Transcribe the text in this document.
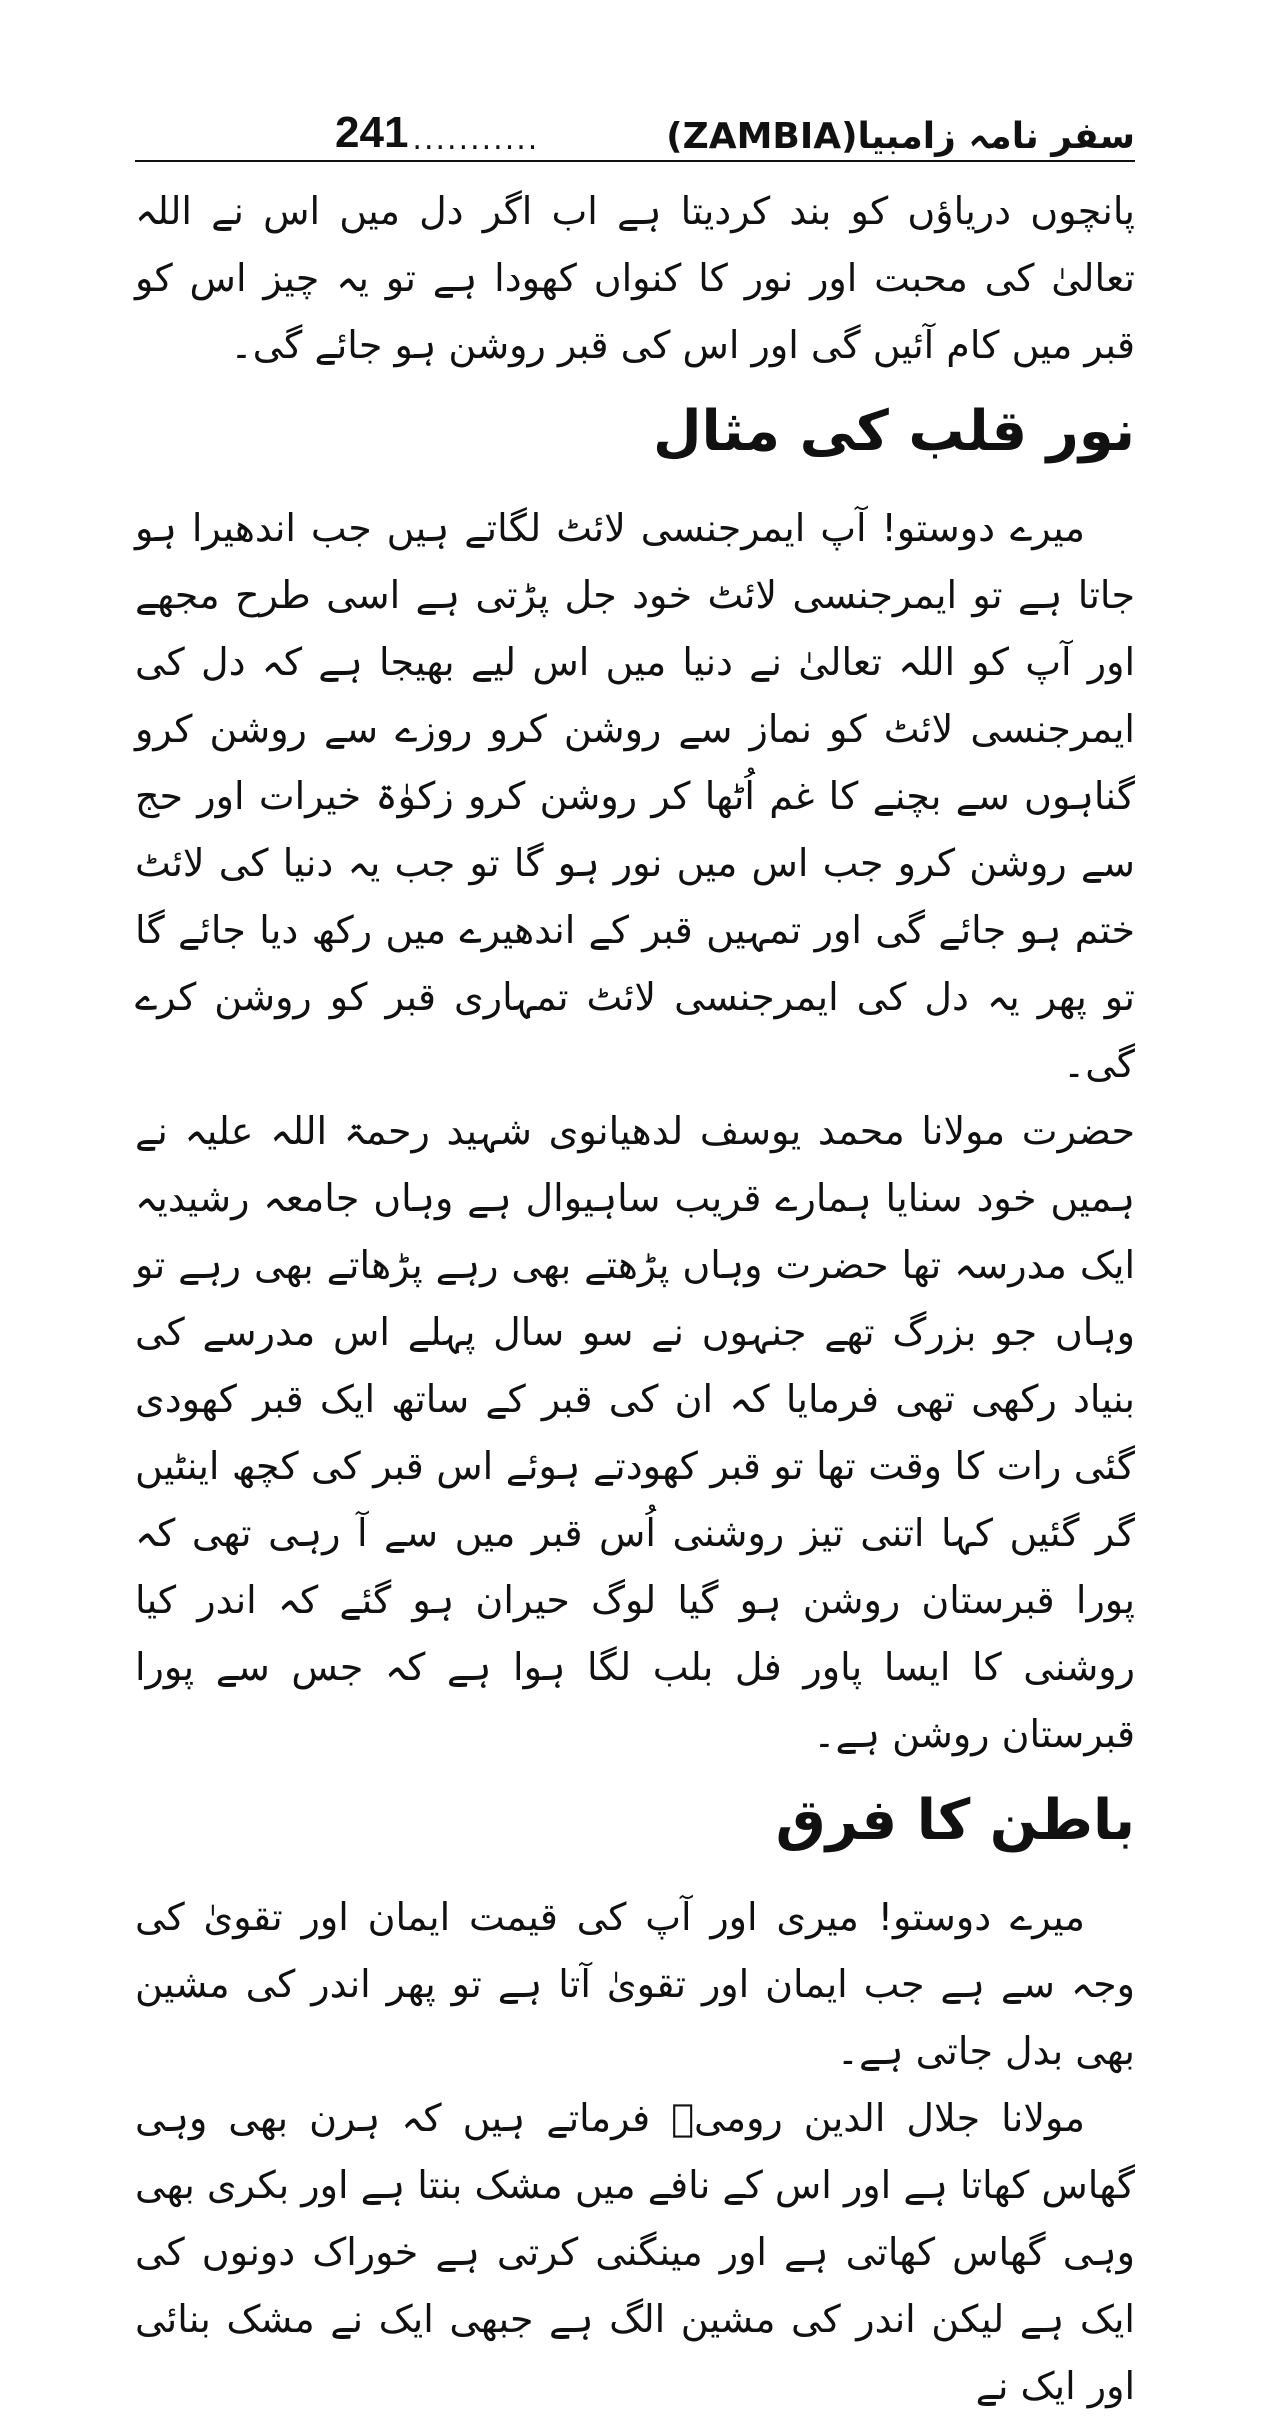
241 ...........	سفر نامہ زامبیا(ZAMBIA)

پانچوں دریاؤں کو بند کردیتا ہے اب اگر دل میں اس نے اللہ تعالیٰ کی محبت اور نور کا کنواں کھودا ہے تو یہ چیز اس کو قبر میں کام آئیں گی اور اس کی قبر روشن ہو جائے گی۔

نور قلب کی مثال

میرے دوستو! آپ ایمرجنسی لائٹ لگاتے ہیں جب اندھیرا ہو جاتا ہے تو ایمرجنسی لائٹ خود جل پڑتی ہے اسی طرح مجھے اور آپ کو اللہ تعالیٰ نے دنیا میں اس لیے بھیجا ہے کہ دل کی ایمرجنسی لائٹ کو نماز سے روشن کرو روزے سے روشن کرو گناہوں سے بچنے کا غم اُٹھا کر روشن کرو زکوٰۃ خیرات اور حج سے روشن کرو جب اس میں نور ہو گا تو جب یہ دنیا کی لائٹ ختم ہو جائے گی اور تمہیں قبر کے اندھیرے میں رکھ دیا جائے گا تو پھر یہ دل کی ایمرجنسی لائٹ تمہاری قبر کو روشن کرے گی۔

حضرت مولانا محمد یوسف لدھیانوی شہید رحمۃ اللہ علیہ نے ہمیں خود سنایا ہمارے قریب ساہیوال ہے وہاں جامعہ رشیدیہ ایک مدرسہ تھا حضرت وہاں پڑھتے بھی رہے پڑھاتے بھی رہے تو وہاں جو بزرگ تھے جنہوں نے سو سال پہلے اس مدرسے کی بنیاد رکھی تھی فرمایا کہ ان کی قبر کے ساتھ ایک قبر کھودی گئی رات کا وقت تھا تو قبر کھودتے ہوئے اس قبر کی کچھ اینٹیں گر گئیں کہا اتنی تیز روشنی اُس قبر میں سے آ رہی تھی کہ پورا قبرستان روشن ہو گیا لوگ حیران ہو گئے کہ اندر کیا روشنی کا ایسا پاور فل بلب لگا ہوا ہے کہ جس سے پورا قبرستان روشن ہے۔

باطن کا فرق

میرے دوستو! میری اور آپ کی قیمت ایمان اور تقویٰ کی وجہ سے ہے جب ایمان اور تقویٰ آتا ہے تو پھر اندر کی مشین بھی بدل جاتی ہے۔

مولانا جلال الدین رومیؒ فرماتے ہیں کہ ہرن بھی وہی گھاس کھاتا ہے اور اس کے نافے میں مشک بنتا ہے اور بکری بھی وہی گھاس کھاتی ہے اور مینگنی کرتی ہے خوراک دونوں کی ایک ہے لیکن اندر کی مشین الگ ہے جبھی ایک نے مشک بنائی اور ایک نے
